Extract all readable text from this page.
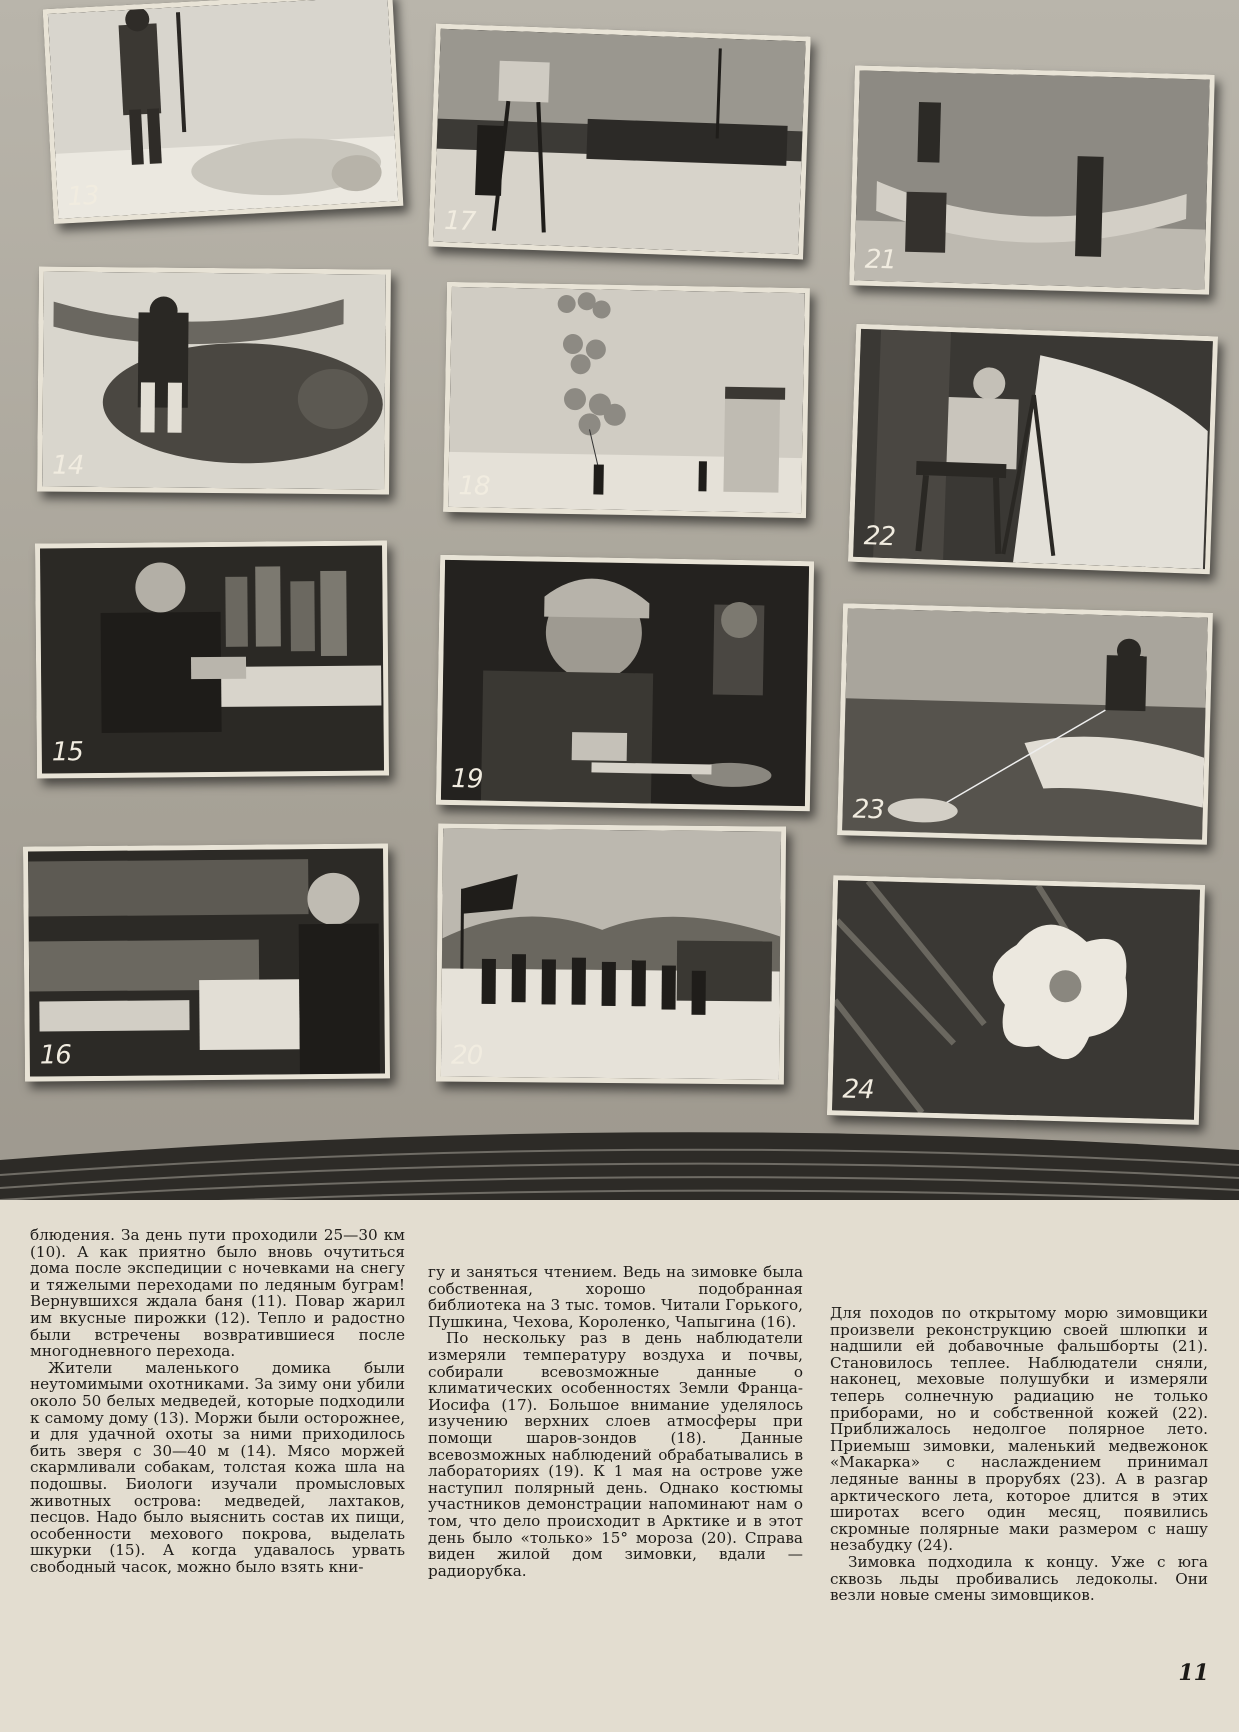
13
17
21
14
18
22
15
19
23
16	20
24

блюдения. За день пути проходили 25—30 км (10). А как приятно было вновь очутиться дома после экспедиции с ночевками на снегу и тяжелыми переходами по ледяным буграм! Вернувшихся ждала баня (11). Повар жарил им вкусные пирожки (12). Тепло и радостно были встречены возвратившиеся после многодневного перехода.

Жители маленького домика были неутомимыми охотниками. За зиму они убили около 50 белых медведей, которые подходили к самому дому (13). Моржи были осторожнее, и для удачной охоты за ними приходилось бить зверя с 30—40 м (14). Мясо моржей скармливали собакам, толстая кожа шла на подошвы. Биологи изучали промысловых животных острова: медведей, лахтаков, песцов. Надо было выяснить состав их пищи, особенности мехового покрова, выделать шкурки (15). А когда удавалось урвать свободный часок, можно было взять кни-

гу и заняться чтением. Ведь на зимовке была собственная, хорошо подобранная библиотека на 3 тыс. томов. Читали Горького, Пушкина, Чехова, Короленко, Чапыгина (16).

По нескольку раз в день наблюдатели измеряли температуру воздуха и почвы, собирали всевозможные данные о климатических особенностях Земли Франца-Иосифа (17). Большое внимание уделялось изучению верхних слоев атмосферы при помощи шаров-зондов (18). Данные всевозможных наблюдений обрабатывались в лабораториях (19). К 1 мая на острове уже наступил полярный день. Однако костюмы участников демонстрации напоминают нам о том, что дело происходит в Арктике и в этот день было «только» 15° мороза (20). Справа виден жилой дом зимовки, вдали — радиорубка.

Для походов по открытому морю зимовщики произвели реконструкцию своей шлюпки и надшили ей добавочные фальшборты (21). Становилось теплее. Наблюдатели сняли, наконец, меховые полушубки и измеряли теперь солнечную радиацию не только приборами, но и собственной кожей (22). Приближалось недолгое полярное лето. Приемыш зимовки, маленький медвежонок «Макарка» с наслаждением принимал ледяные ванны в прорубях (23). А в разгар арктического лета, которое длится в этих широтах всего один месяц, появились скромные полярные маки размером с нашу незабудку (24).

Зимовка подходила к концу. Уже с юга сквозь льды пробивались ледоколы. Они везли новые смены зимовщиков.

11
